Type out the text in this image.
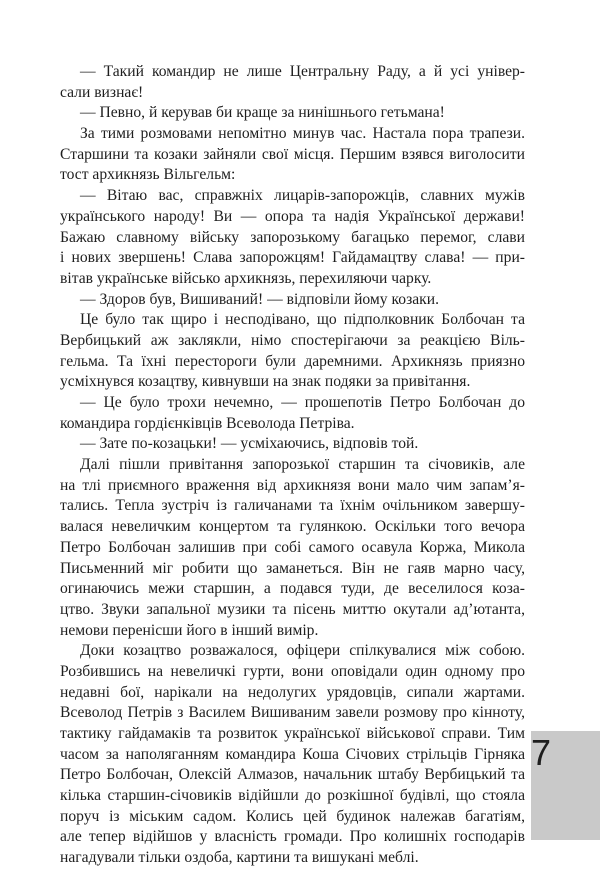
— Такий командир не лише Центральну Раду, а й усі універ-
сали визнає!
— Певно, й керував би краще за нинішнього гетьмана!
За тими розмовами непомітно минув час. Настала пора трапези.
Старшини та козаки зайняли свої місця. Першим взявся виголосити
тост архикнязь Вільгельм:
— Вітаю вас, справжніх лицарів-запорожців, славних мужів
українського народу! Ви — опора та надія Української держави!
Бажаю славному війську запорозькому багацько перемог, слави
і нових звершень! Слава запорожцям! Гайдамацтву слава! — при-
вітав українське військо архикнязь, перехиляючи чарку.
— Здоров був, Вишиваний! — відповіли йому козаки.
Це було так щиро і несподівано, що підполковник Болбочан та
Вербицький аж заклякли, німо спостерігаючи за реакцією Віль-
гельма. Та їхні перестороги були даремними. Архикнязь приязно
усміхнувся козацтву, кивнувши на знак подяки за привітання.
— Це було трохи нечемно, — прошепотів Петро Болбочан до
командира гордієнківців Всеволода Петріва.
— Зате по-козацьки! — усміхаючись, відповів той.
Далі пішли привітання запорозької старшин та січовиків, але
на тлі приємного враження від архикнязя вони мало чим запам’я-
тались. Тепла зустріч із галичанами та їхнім очільником завершу-
валася невеличким концертом та гулянкою. Оскільки того вечора
Петро Болбочан залишив при собі самого осавула Коржа, Микола
Письменний міг робити що заманеться. Він не гаяв марно часу,
огинаючись межи старшин, а подався туди, де веселилося коза-
цтво. Звуки запальної музики та пісень миттю окутали ад’ютанта,
немови перенісши його в інший вимір.
Доки козацтво розважалося, офіцери спілкувалися між собою.
Розбившись на невеличкі гурти, вони оповідали один одному про
недавні бої, нарікали на недолугих урядовців, сипали жартами.
Всеволод Петрів з Василем Вишиваним завели розмову про кінноту,
тактику гайдамаків та розвиток української військової справи. Тим
часом за наполяганням командира Коша Січових стрільців Гірняка
Петро Болбочан, Олексій Алмазов, начальник штабу Вербицький та
кілька старшин-січовиків відійшли до розкішної будівлі, що стояла
поруч із міським садом. Колись цей будинок належав багатіям,
але тепер відійшов у власність громади. Про колишніх господарів
нагадували тільки оздоба, картини та вишукані меблі.
7
